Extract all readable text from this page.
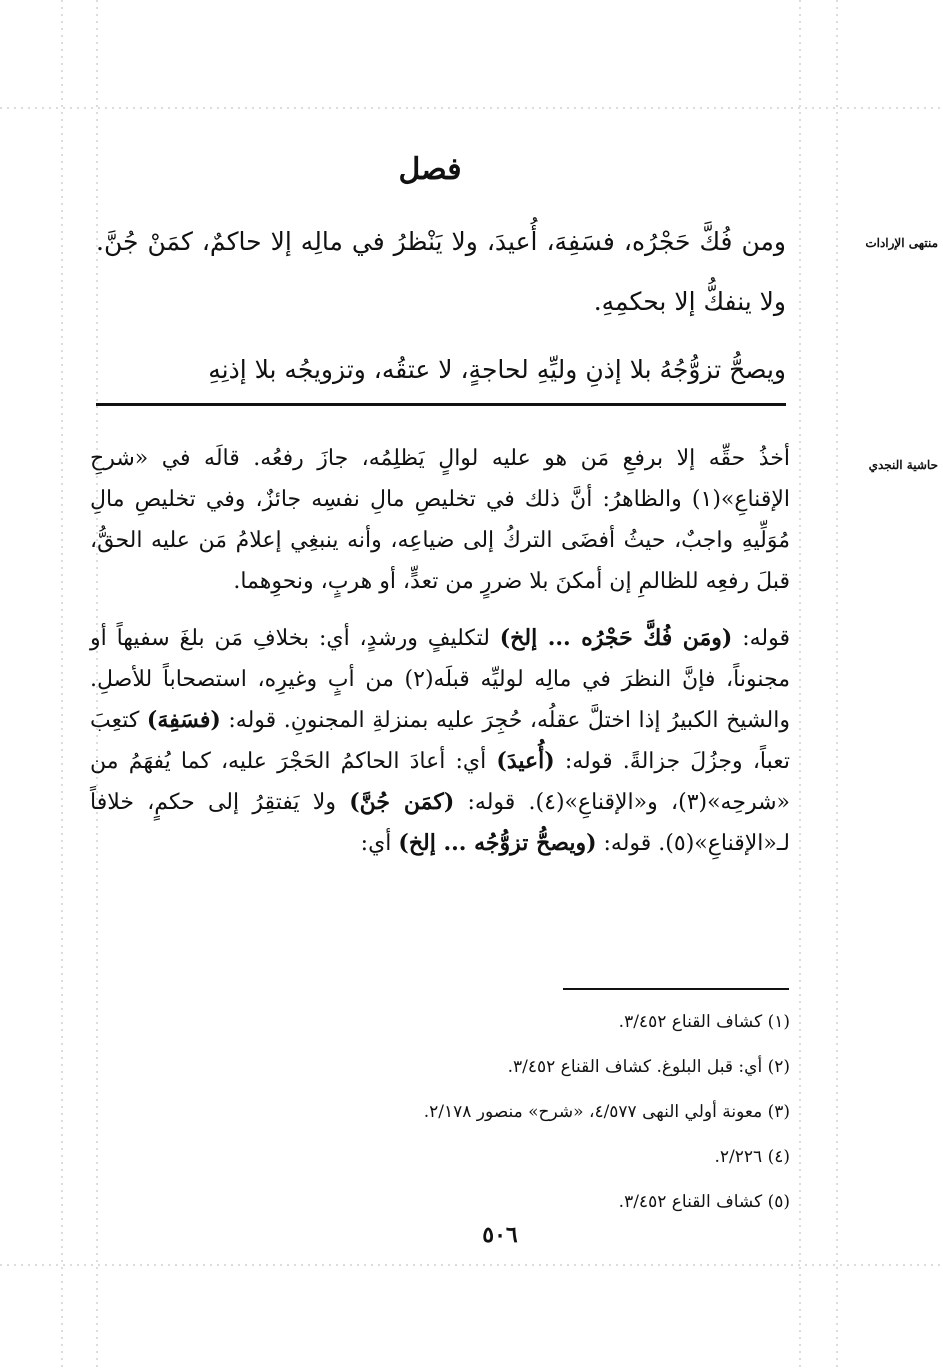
فصل
منتهى الإرادات
ومن فُكَّ حَجْرُه، فسَفِهَ، أُعيدَ، ولا يَنْظرُ في مالِه إلا حاكمٌ، كمَنْ جُنَّ. ولا ينفكُّ إلا بحكمِهِ.
ويصحُّ تزوُّجُهُ بلا إذنِ وليِّهِ لحاجةٍ، لا عتقُه، وتزويجُه بلا إذنِهِ
حاشية النجدي

أخذُ حقِّه إلا برفعِ مَن هو عليه لوالٍ يَظلِمُه، جازَ رفعُه. قالَه في «شرحِ الإقناعِ»(١) والظاهرُ: أنَّ ذلك في تخليصِ مالِ نفسِه جائزٌ، وفي تخليصِ مالِ مُوَلِّيهِ واجبٌ، حيثُ أفضَى التركُ إلى ضياعِه، وأنه ينبغِي إعلامُ مَن عليه الحقُّ، قبلَ رفعِه للظالمِ إن أمكنَ بلا ضررٍ من تعدٍّ، أو هربٍ، ونحوِهما.

قوله: (ومَن فُكَّ حَجْرُه ... إلخ) لتكليفٍ ورشدٍ، أي: بخلافِ مَن بلغَ سفيهاً أو مجنوناً، فإنَّ النظرَ في مالِه لوليِّه قبلَه(٢) من أبٍ وغيرِه، استصحاباً للأصلِ. والشيخ الكبيرُ إذا اختلَّ عقلُه، حُجِرَ عليه بمنزلةِ المجنونِ. قوله: (فسَفِهَ) كتعِبَ تعباً، وجزُلَ جزالةً. قوله: (أُعيدَ) أي: أعادَ الحاكمُ الحَجْرَ عليه، كما يُفهَمُ من «شرحِه»(٣)، و«الإقناعِ»(٤). قوله: (كمَن جُنَّ) ولا يَفتقِرُ إلى حكمٍ، خلافاً لـ«الإقناعِ»(٥). قوله: (ويصحُّ تزوُّجُه ... إلخ) أي:

(١) كشاف القناع ٣/٤٥٢.
(٢) أي: قبل البلوغ. كشاف القناع ٣/٤٥٢.
(٣) معونة أولي النهى ٤/٥٧٧، «شرح» منصور ٢/١٧٨.
(٤) ٢/٢٢٦.
(٥) كشاف القناع ٣/٤٥٢.
٥٠٦
